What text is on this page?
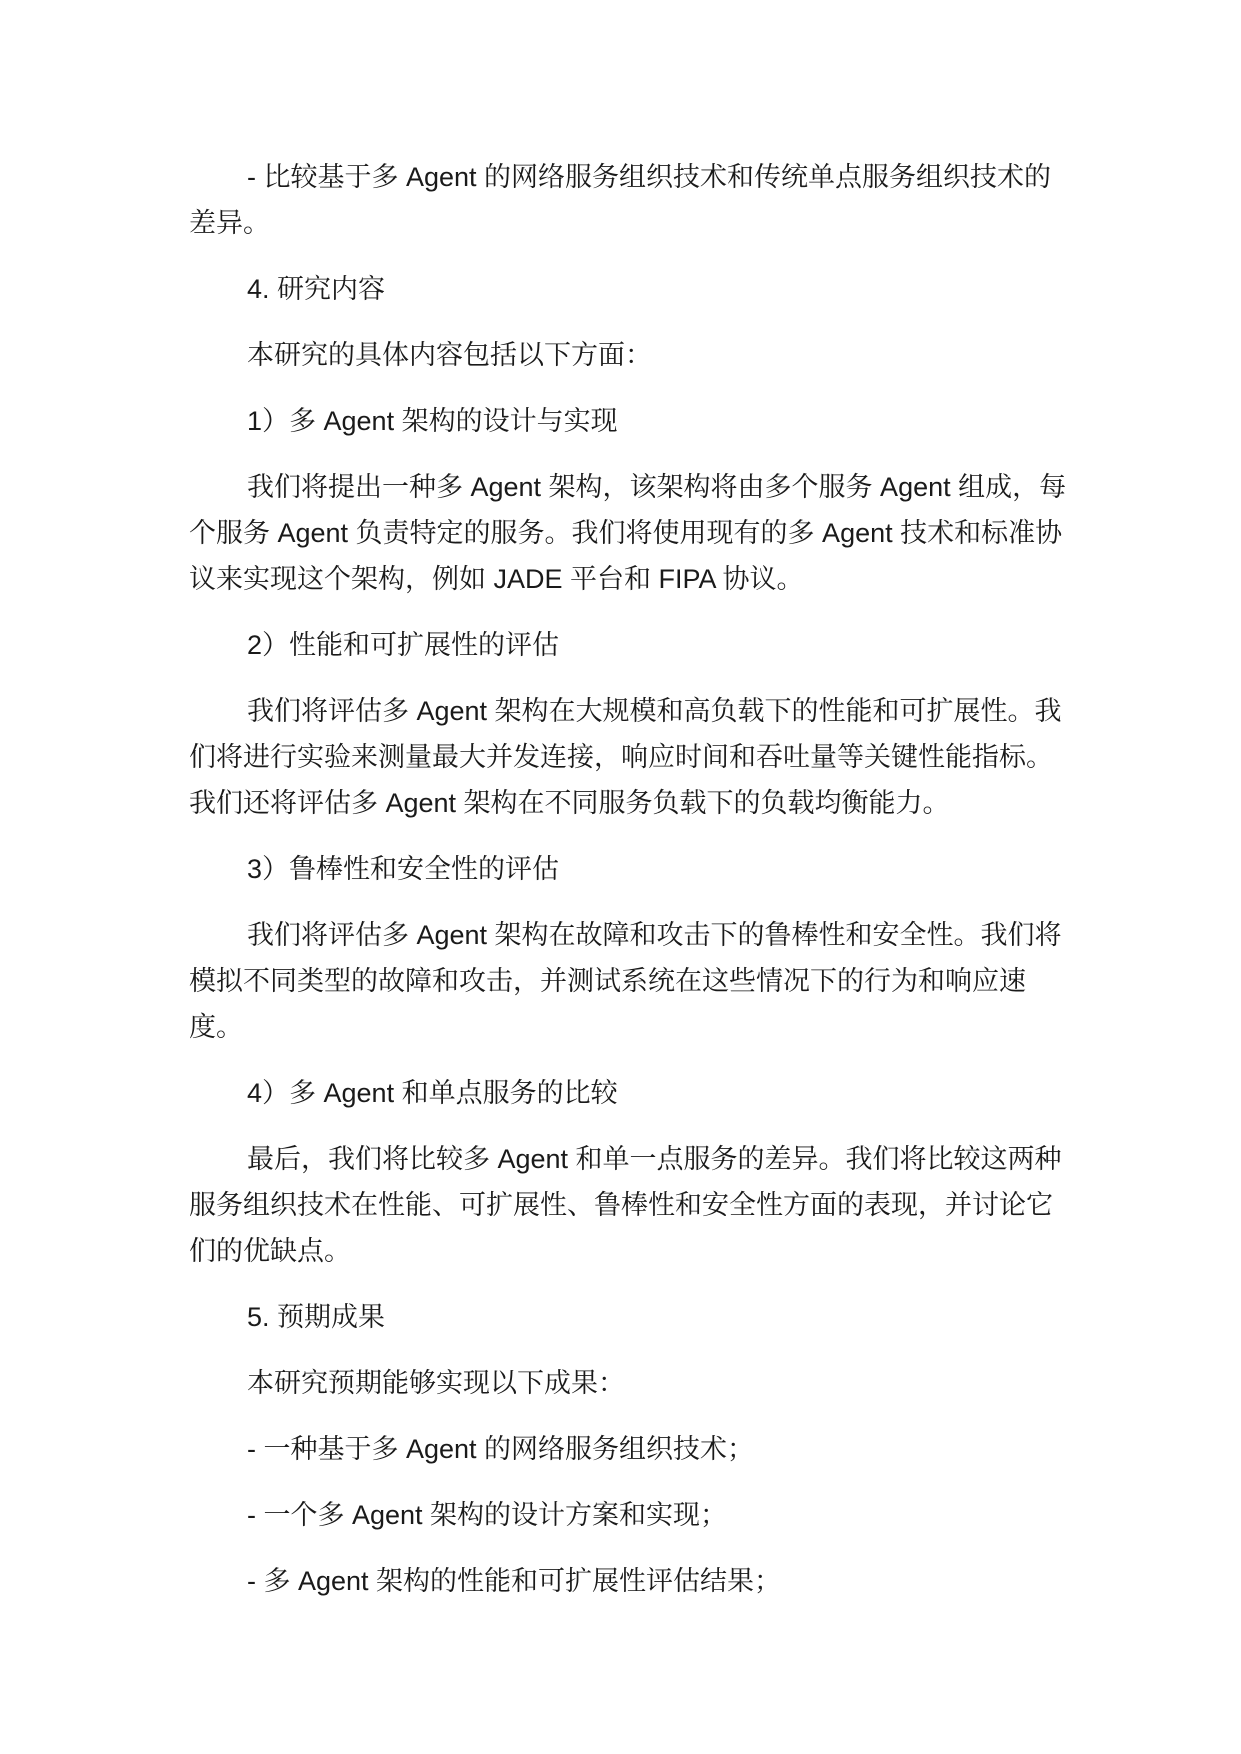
- 比较基于多 Agent 的网络服务组织技术和传统单点服务组织技术的差异。

4. 研究内容

本研究的具体内容包括以下方面：

1）多 Agent 架构的设计与实现

我们将提出一种多 Agent 架构，该架构将由多个服务 Agent 组成，每个服务 Agent 负责特定的服务。我们将使用现有的多 Agent 技术和标准协议来实现这个架构，例如 JADE 平台和 FIPA 协议。

2）性能和可扩展性的评估

我们将评估多 Agent 架构在大规模和高负载下的性能和可扩展性。我们将进行实验来测量最大并发连接，响应时间和吞吐量等关键性能指标。我们还将评估多 Agent 架构在不同服务负载下的负载均衡能力。

3）鲁棒性和安全性的评估

我们将评估多 Agent 架构在故障和攻击下的鲁棒性和安全性。我们将模拟不同类型的故障和攻击，并测试系统在这些情况下的行为和响应速度。

4）多 Agent 和单点服务的比较

最后，我们将比较多 Agent 和单一点服务的差异。我们将比较这两种服务组织技术在性能、可扩展性、鲁棒性和安全性方面的表现，并讨论它们的优缺点。

5. 预期成果

本研究预期能够实现以下成果：

- 一种基于多 Agent 的网络服务组织技术；

- 一个多 Agent 架构的设计方案和实现；

- 多 Agent 架构的性能和可扩展性评估结果；
